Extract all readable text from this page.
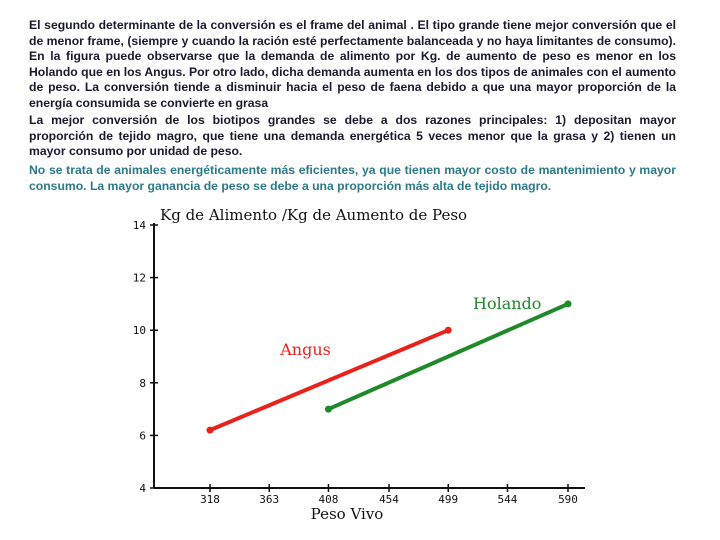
El segundo determinante de la conversión es el frame del animal . El tipo grande tiene mejor conversión que el de menor frame, (siempre y cuando la ración esté perfectamente balanceada y no haya limitantes de consumo). En la figura puede observarse que la demanda de alimento por Kg. de aumento de peso es menor en los Holando que en los Angus. Por otro lado, dicha demanda aumenta en los dos tipos de animales con el aumento de peso. La conversión tiende a disminuir hacia el peso de faena debido a que una mayor proporción de la energía consumida se convierte en grasa
La mejor conversión de los biotipos grandes se debe a dos razones principales: 1) depositan mayor proporción de tejido magro, que tiene una demanda energética 5 veces menor que la grasa y 2) tienen un mayor consumo por unidad de peso.
No se trata de animales energéticamente más eficientes, ya que tienen mayor costo de mantenimiento y mayor consumo. La mayor ganancia de peso se debe a una proporción más alta de tejido magro.
Kg de Alimento /Kg de Aumento de Peso
4
6
8
10
12
14
318	363	408	454	499	544	590
Angus
Holando
Peso Vivo
